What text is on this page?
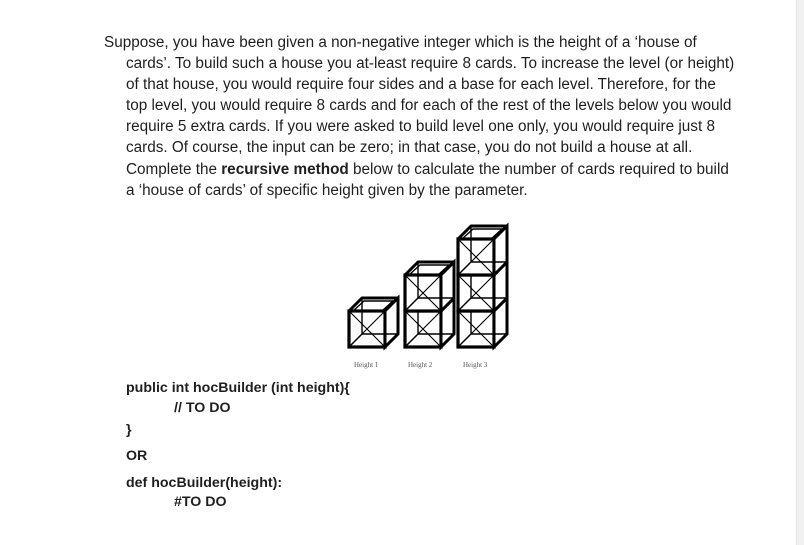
Suppose, you have been given a non-negative integer which is the height of a ‘house of cards’. To build such a house you at-least require 8 cards. To increase the level (or height) of that house, you would require four sides and a base for each level. Therefore, for the top level, you would require 8 cards and for each of the rest of the levels below you would require 5 extra cards. If you were asked to build level one only, you would require just 8 cards. Of course, the input can be zero; in that case, you do not build a house at all. Complete the recursive method below to calculate the number of cards required to build a ‘house of cards’ of specific height given by the parameter.

Height 1	Height 2	Height 3
public int hocBuilder (int height){
// TO DO
}
OR
def hocBuilder(height):
#TO DO
